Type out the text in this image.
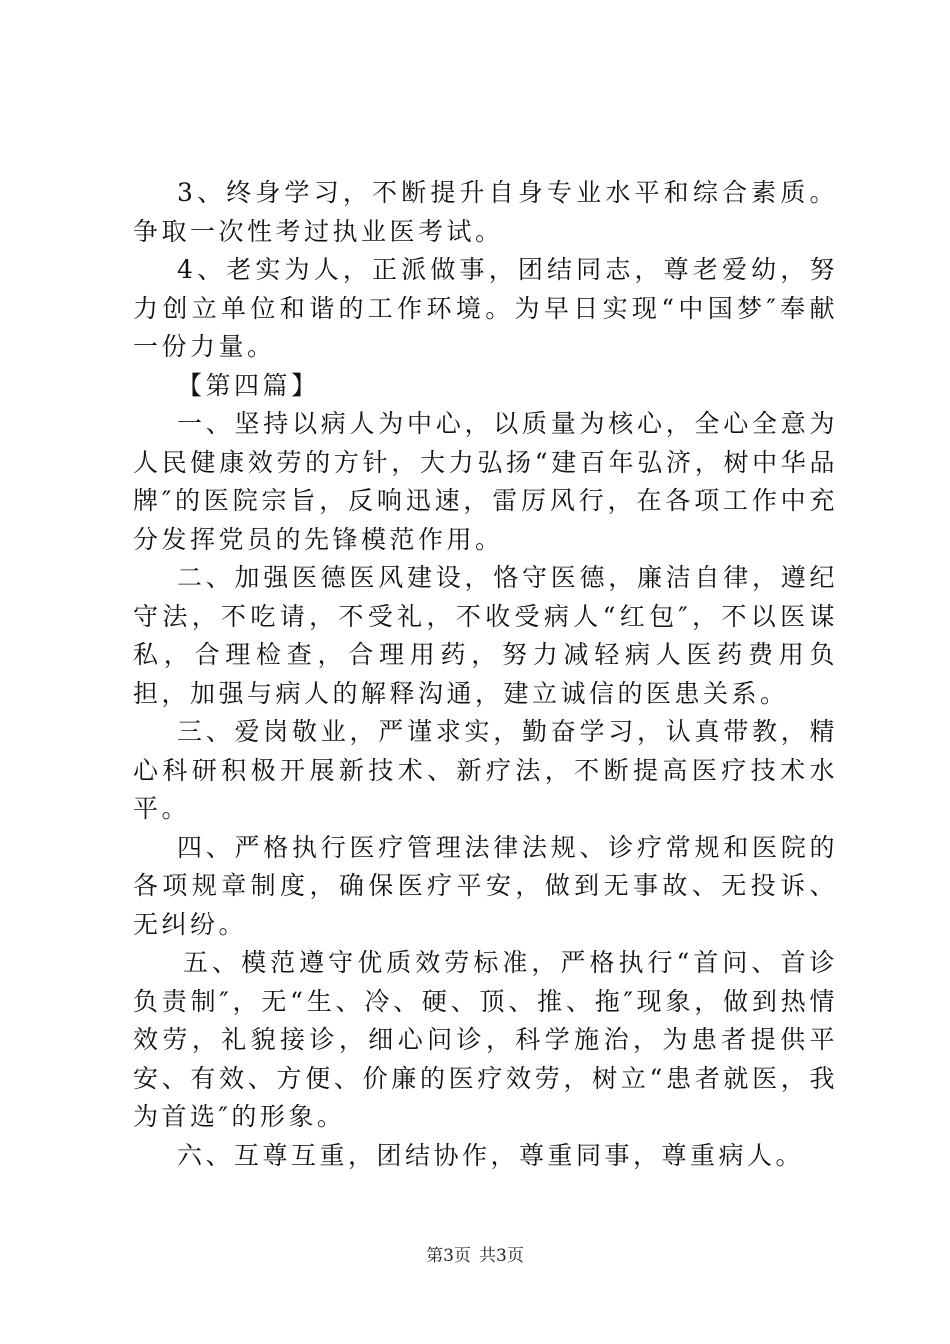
3、终身学习，不断提升自身专业水平和综合素质。争取一次性考过执业医考试。

4、老实为人，正派做事，团结同志，尊老爱幼，努力创立单位和谐的工作环境。为早日实现“中国梦″奉献一份力量。

【第四篇】

一、坚持以病人为中心，以质量为核心，全心全意为人民健康效劳的方针，大力弘扬“建百年弘济，树中华品牌″的医院宗旨，反响迅速，雷厉风行，在各项工作中充分发挥党员的先锋模范作用。

二、加强医德医风建设，恪守医德，廉洁自律，遵纪守法，不吃请，不受礼，不收受病人“红包″，不以医谋私，合理检查，合理用药，努力减轻病人医药费用负担，加强与病人的解释沟通，建立诚信的医患关系。

三、爱岗敬业，严谨求实，勤奋学习，认真带教，精心科研积极开展新技术、新疗法，不断提高医疗技术水平。

四、严格执行医疗管理法律法规、诊疗常规和医院的各项规章制度，确保医疗平安，做到无事故、无投诉、无纠纷。

五、模范遵守优质效劳标准，严格执行“首问、首诊负责制″，无“生、冷、硬、顶、推、拖″现象，做到热情效劳，礼貌接诊，细心问诊，科学施治，为患者提供平安、有效、方便、价廉的医疗效劳，树立“患者就医，我为首选″的形象。

六、互尊互重，团结协作，尊重同事，尊重病人。

第3页 共3页
